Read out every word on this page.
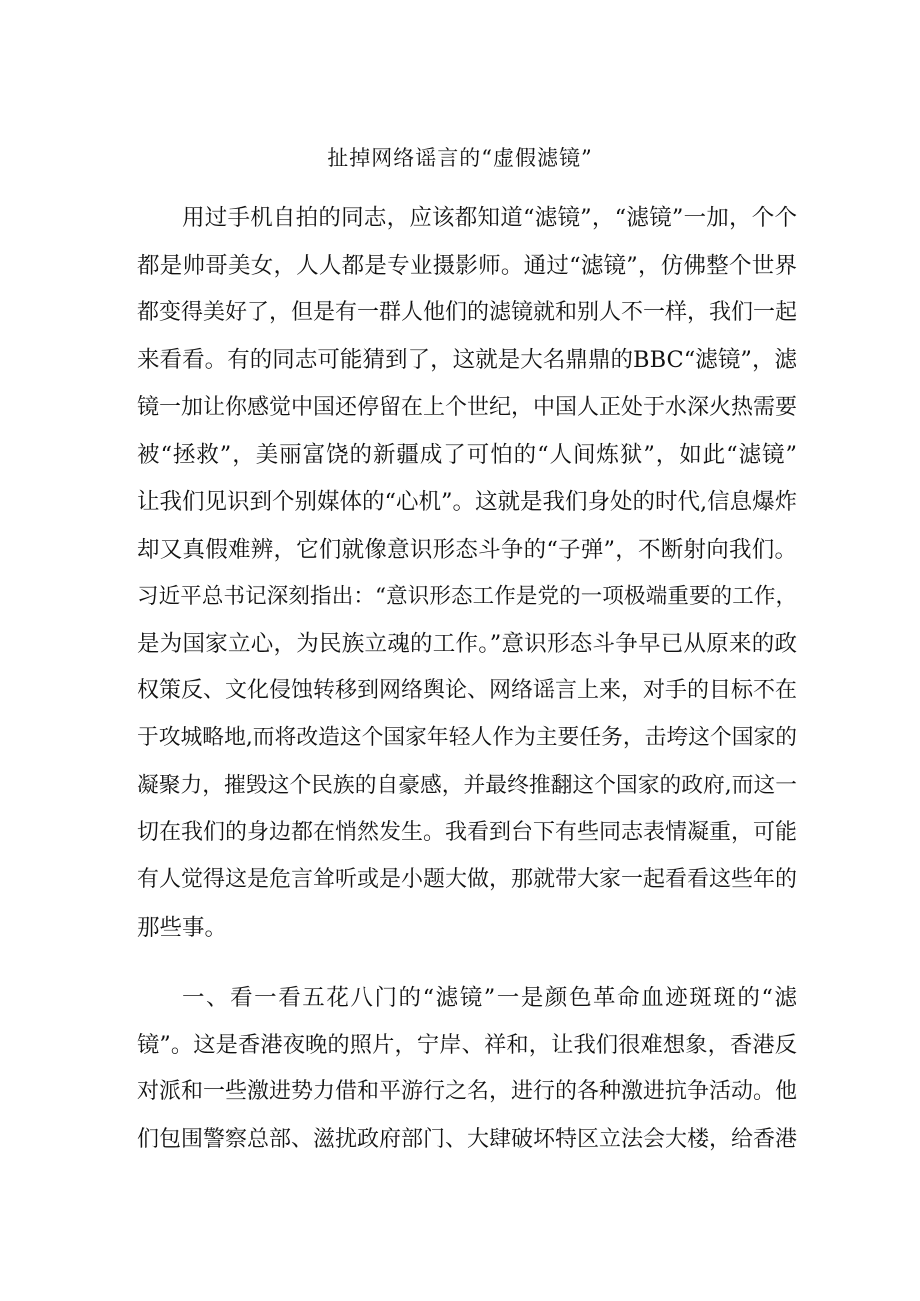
扯掉网络谣言的“虚假滤镜”
用过手机自拍的同志，应该都知道“滤镜”，“滤镜”一加，个个
都是帅哥美女，人人都是专业摄影师。通过“滤镜”，仿佛整个世界
都变得美好了，但是有一群人他们的滤镜就和别人不一样，我们一起
来看看。有的同志可能猜到了，这就是大名鼎鼎的BBC“滤镜”，滤
镜一加让你感觉中国还停留在上个世纪，中国人正处于水深火热需要
被“拯救”，美丽富饶的新疆成了可怕的“人间炼狱”，如此“滤镜”
让我们见识到个别媒体的“心机”。这就是我们身处的时代,信息爆炸
却又真假难辨，它们就像意识形态斗争的“子弹”，不断射向我们。
习近平总书记深刻指出：“意识形态工作是党的一项极端重要的工作，
是为国家立心，为民族立魂的工作。”意识形态斗争早已从原来的政
权策反、文化侵蚀转移到网络舆论、网络谣言上来，对手的目标不在
于攻城略地,而将改造这个国家年轻人作为主要任务，击垮这个国家的
凝聚力，摧毁这个民族的自豪感，并最终推翻这个国家的政府,而这一
切在我们的身边都在悄然发生。我看到台下有些同志表情凝重，可能
有人觉得这是危言耸听或是小题大做，那就带大家一起看看这些年的
那些事。
一、看一看五花八门的“滤镜”一是颜色革命血迹斑斑的“滤
镜”。这是香港夜晚的照片，宁岸、祥和，让我们很难想象，香港反
对派和一些激进势力借和平游行之名，进行的各种激进抗争活动。他
们包围警察总部、滋扰政府部门、大肆破坏特区立法会大楼，给香港
